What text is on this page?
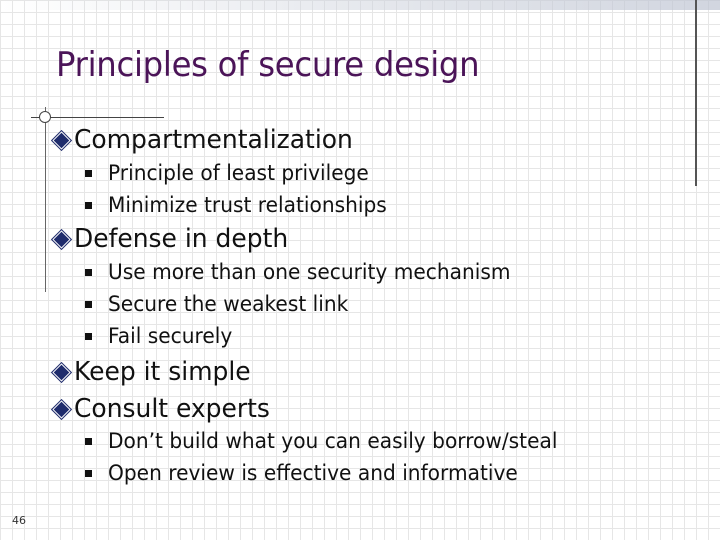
Principles of secure design
Compartmentalization
Principle of least privilege
Minimize trust relationships
Defense in depth
Use more than one security mechanism
Secure the weakest link
Fail securely
Keep it simple
Consult experts
Don’t build what you can easily borrow/steal
Open review is effective and informative
46
